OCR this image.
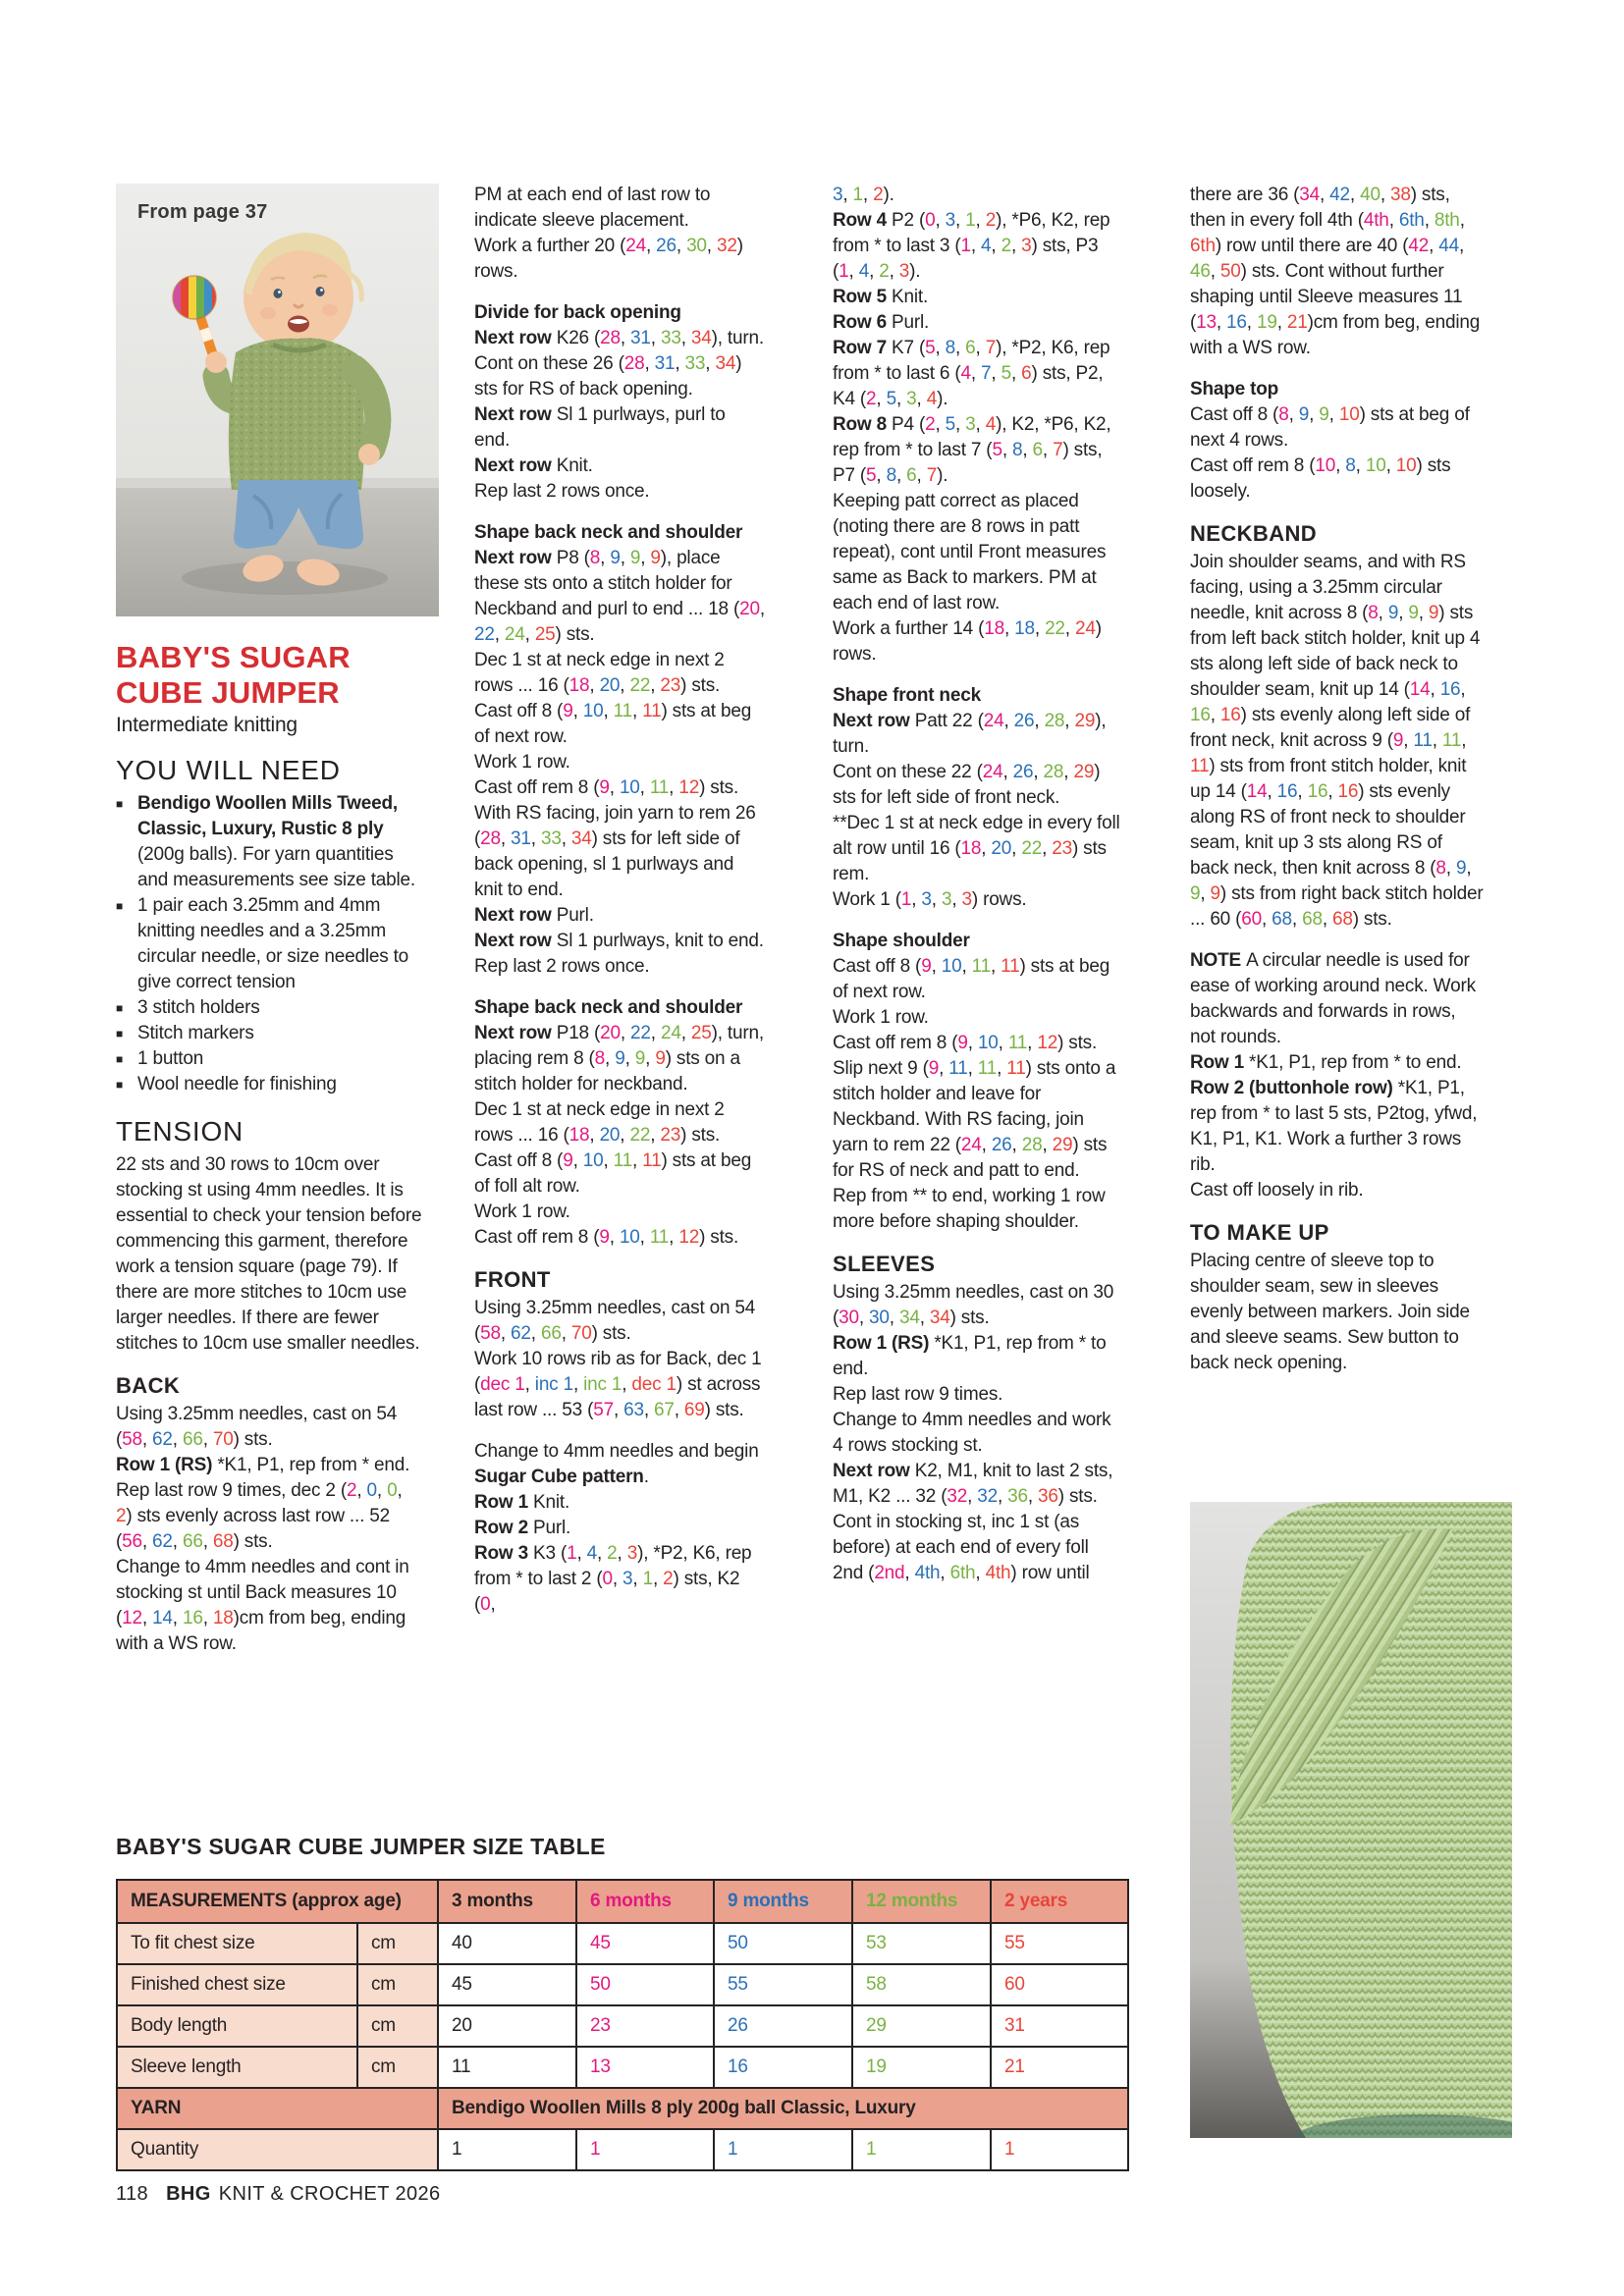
From page 37
BABY'S SUGAR
CUBE JUMPER
Intermediate knitting
YOU WILL NEED
■ Bendigo Woollen Mills Tweed, Classic, Luxury, Rustic 8 ply (200g balls). For yarn quantities and measurements see size table.
■ 1 pair each 3.25mm and 4mm knitting needles and a 3.25mm circular needle, or size needles to give correct tension
■ 3 stitch holders
■ Stitch markers
■ 1 button
■ Wool needle for finishing
TENSION

22 sts and 30 rows to 10cm over stocking st using 4mm needles. It is essential to check your tension before commencing this garment, therefore work a tension square (page 79). If there are more stitches to 10cm use larger needles. If there are fewer stitches to 10cm use smaller needles.

BACK

Using 3.25mm needles, cast on 54 (58, 62, 66, 70) sts.

Row 1 (RS) *K1, P1, rep from * end.

Rep last row 9 times, dec 2 (2, 0, 0, 2) sts evenly across last row ... 52 (56, 62, 66, 68) sts.

Change to 4mm needles and cont in stocking st until Back measures 10 (12, 14, 16, 18)cm from beg, ending with a WS row.

PM at each end of last row to indicate sleeve placement.

Work a further 20 (24, 26, 30, 32) rows.

Divide for back opening

Next row K26 (28, 31, 33, 34), turn.

Cont on these 26 (28, 31, 33, 34) sts for RS of back opening.

Next row Sl 1 purlways, purl to end.

Next row Knit.

Rep last 2 rows once.

Shape back neck and shoulder

Next row P8 (8, 9, 9, 9), place these sts onto a stitch holder for Neckband and purl to end ... 18 (20, 22, 24, 25) sts.

Dec 1 st at neck edge in next 2 rows ... 16 (18, 20, 22, 23) sts.

Cast off 8 (9, 10, 11, 11) sts at beg of next row.

Work 1 row.

Cast off rem 8 (9, 10, 11, 12) sts.

With RS facing, join yarn to rem 26 (28, 31, 33, 34) sts for left side of back opening, sl 1 purlways and knit to end.

Next row Purl.

Next row Sl 1 purlways, knit to end.

Rep last 2 rows once.

Shape back neck and shoulder

Next row P18 (20, 22, 24, 25), turn, placing rem 8 (8, 9, 9, 9) sts on a stitch holder for neckband.

Dec 1 st at neck edge in next 2 rows ... 16 (18, 20, 22, 23) sts.

Cast off 8 (9, 10, 11, 11) sts at beg of foll alt row.

Work 1 row.

Cast off rem 8 (9, 10, 11, 12) sts.

FRONT

Using 3.25mm needles, cast on 54 (58, 62, 66, 70) sts.

Work 10 rows rib as for Back, dec 1 (dec 1, inc 1, inc 1, dec 1) st across last row ... 53 (57, 63, 67, 69) sts.

Change to 4mm needles and begin Sugar Cube pattern.

Row 1 Knit.

Row 2 Purl.

Row 3 K3 (1, 4, 2, 3), *P2, K6, rep from * to last 2 (0, 3, 1, 2) sts, K2 (0,

3, 1, 2).

Row 4 P2 (0, 3, 1, 2), *P6, K2, rep from * to last 3 (1, 4, 2, 3) sts, P3 (1, 4, 2, 3).

Row 5 Knit.

Row 6 Purl.

Row 7 K7 (5, 8, 6, 7), *P2, K6, rep from * to last 6 (4, 7, 5, 6) sts, P2, K4 (2, 5, 3, 4).

Row 8 P4 (2, 5, 3, 4), K2, *P6, K2, rep from * to last 7 (5, 8, 6, 7) sts, P7 (5, 8, 6, 7).

Keeping patt correct as placed (noting there are 8 rows in patt repeat), cont until Front measures same as Back to markers. PM at each end of last row.

Work a further 14 (18, 18, 22, 24) rows.

Shape front neck

Next row Patt 22 (24, 26, 28, 29), turn.

Cont on these 22 (24, 26, 28, 29) sts for left side of front neck.

**Dec 1 st at neck edge in every foll alt row until 16 (18, 20, 22, 23) sts rem.

Work 1 (1, 3, 3, 3) rows.

Shape shoulder

Cast off 8 (9, 10, 11, 11) sts at beg of next row.

Work 1 row.

Cast off rem 8 (9, 10, 11, 12) sts.

Slip next 9 (9, 11, 11, 11) sts onto a stitch holder and leave for Neckband. With RS facing, join yarn to rem 22 (24, 26, 28, 29) sts for RS of neck and patt to end.

Rep from ** to end, working 1 row more before shaping shoulder.

SLEEVES

Using 3.25mm needles, cast on 30 (30, 30, 34, 34) sts.

Row 1 (RS) *K1, P1, rep from * to end.

Rep last row 9 times.

Change to 4mm needles and work 4 rows stocking st.

Next row K2, M1, knit to last 2 sts, M1, K2 ... 32 (32, 32, 36, 36) sts.

Cont in stocking st, inc 1 st (as before) at each end of every foll 2nd (2nd, 4th, 6th, 4th) row until

there are 36 (34, 42, 40, 38) sts, then in every foll 4th (4th, 6th, 8th, 6th) row until there are 40 (42, 44, 46, 50) sts. Cont without further shaping until Sleeve measures 11 (13, 16, 19, 21)cm from beg, ending with a WS row.

Shape top

Cast off 8 (8, 9, 9, 10) sts at beg of next 4 rows.

Cast off rem 8 (10, 8, 10, 10) sts loosely.

NECKBAND

Join shoulder seams, and with RS facing, using a 3.25mm circular needle, knit across 8 (8, 9, 9, 9) sts from left back stitch holder, knit up 4 sts along left side of back neck to shoulder seam, knit up 14 (14, 16, 16, 16) sts evenly along left side of front neck, knit across 9 (9, 11, 11, 11) sts from front stitch holder, knit up 14 (14, 16, 16, 16) sts evenly along RS of front neck to shoulder seam, knit up 3 sts along RS of back neck, then knit across 8 (8, 9, 9, 9) sts from right back stitch holder ... 60 (60, 68, 68, 68) sts.

NOTE A circular needle is used for ease of working around neck. Work backwards and forwards in rows, not rounds.

Row 1 *K1, P1, rep from * to end.

Row 2 (buttonhole row) *K1, P1, rep from * to last 5 sts, P2tog, yfwd, K1, P1, K1. Work a further 3 rows rib.

Cast off loosely in rib.

TO MAKE UP

Placing centre of sleeve top to shoulder seam, sew in sleeves evenly between markers. Join side and sleeve seams. Sew button to back neck opening.

BABY'S SUGAR CUBE JUMPER SIZE TABLE
MEASUREMENTS (approx age)		3 months	6 months	9 months	12 months	2 years
To fit chest size	cm	40	45	50	53	55
Finished chest size	cm	45	50	55	58	60
Body length	cm	20	23	26	29	31
Sleeve length	cm	11	13	16	19	21
YARN		Bendigo Woollen Mills 8 ply 200g ball Classic, Luxury				
Quantity		1	1	1	1	1
118 BHG KNIT & CROCHET 2026
